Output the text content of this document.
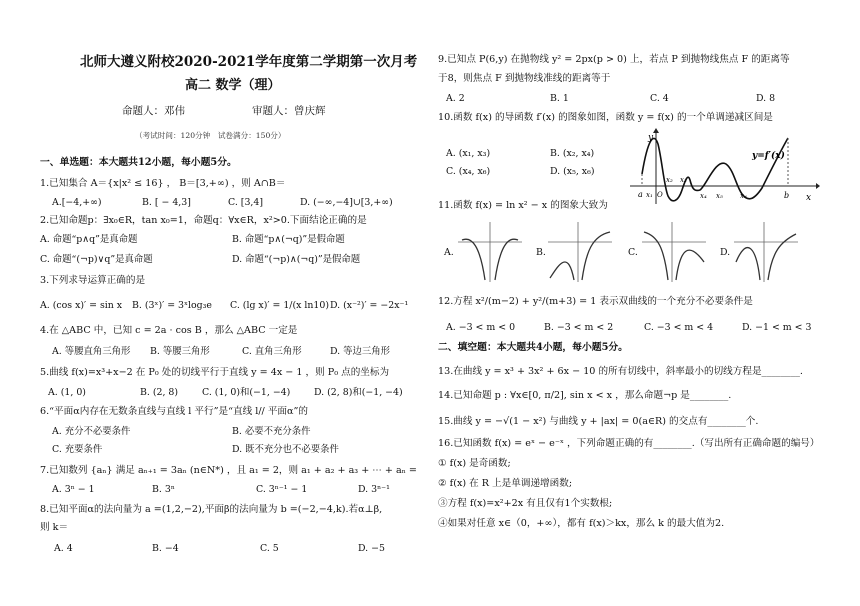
北师大遵义附校2020-2021学年度第二学期第一次月考
高二 数学（理）
命题人：邓伟	审题人：曾庆辉
（考试时间：120分钟　试卷满分：150分）
一、单选题：本大题共12小题，每小题5分。
1.已知集合 A＝{x|x² ≤ 16} ， B＝[3,+∞) ，则 A∩B＝
A.[−4,+∞)	B. [ − 4,3]	C. [3,4]	D. (−∞,−4]∪[3,+∞)
2.已知命题p：∃x₀∈R，tan x₀=1，命题q：∀x∈R，x²>0.下面结论正确的是
A. 命题“p∧q”是真命题	B. 命题“p∧(¬q)”是假命题
C. 命题“(¬p)∨q”是真命题	D. 命题“(¬p)∧(¬q)”是假命题
3.下列求导运算正确的是
A. (cos x)′ = sin x B. (3ˣ)′ = 3ˣlog₃e C. (lg x)′ = 1/(x ln10) D. (x⁻²)′ = −2x⁻¹
4.在 △ABC 中，已知 c = 2a · cos B ，那么 △ABC 一定是
A. 等腰直角三角形 B. 等腰三角形	C. 直角三角形	D. 等边三角形
5.曲线 f(x)=x³+x−2 在 P₀ 处的切线平行于直线 y = 4x − 1 ，则 P₀ 点的坐标为
A. (1, 0)	B. (2, 8)	C. (1, 0)和(−1, −4)	D. (2, 8)和(−1, −4)
6.“平面α内存在无数条直线与直线 l 平行”是“直线 l// 平面α”的
A. 充分不必要条件	B. 必要不充分条件
C. 充要条件	D. 既不充分也不必要条件
7.已知数列 {aₙ} 满足 aₙ₊₁ = 3aₙ (n∈N*) ，且 a₁ = 2，则 a₁ + a₂ + a₃ + ⋯ + aₙ =
A. 3ⁿ − 1	B. 3ⁿ	C. 3ⁿ⁻¹ − 1	D. 3ⁿ⁻¹
8.已知平面α的法向量为 a =(1,2,−2),平面β的法向量为 b =(−2,−4,k).若α⊥β,
则 k＝
A. 4	B. −4	C. 5	D. −5
9.已知点 P(6,y) 在抛物线 y² = 2px(p > 0) 上，若点 P 到抛物线焦点 F 的距离等
于8，则焦点 F 到抛物线准线的距离等于
A. 2	B. 1	C. 4	D. 8
10.函数 f(x) 的导函数 f′(x) 的图象如图，函数 y = f(x) 的一个单调递减区间是
A. (x₁, x₃)	B. (x₂, x₄)
C. (x₄, x₆)	D. (x₅, x₆)
y
y=f′(x)
a x₁ O
x₂ x₃
x₄ x₅ x₆	b x
11.函数 f(x) = ln x² − x 的图象大致为
A.	B.	C.	D.
12.方程 x²/(m−2) + y²/(m+3) = 1 表示双曲线的一个充分不必要条件是
A. −3 < m < 0	B. −3 < m < 2	C. −3 < m < 4	D. −1 < m < 3
二、填空题：本大题共4小题，每小题5分。
13.在曲线 y = x³ + 3x² + 6x − 10 的所有切线中，斜率最小的切线方程是________.
14.已知命题 p : ∀x∈[0, π/2], sin x < x ，那么命题¬p 是________.
15.曲线 y = −√(1 − x²) 与曲线 y + |ax| = 0(a∈R) 的交点有________个.
16.已知函数 f(x) = eˣ − e⁻ˣ ，下列命题正确的有________.（写出所有正确命题的编号）
① f(x) 是奇函数;
② f(x) 在 R 上是单调递增函数;
③方程 f(x)=x²+2x 有且仅有1个实数根;
④如果对任意 x∈（0，+∞），都有 f(x)＞kx，那么 k 的最大值为2.
